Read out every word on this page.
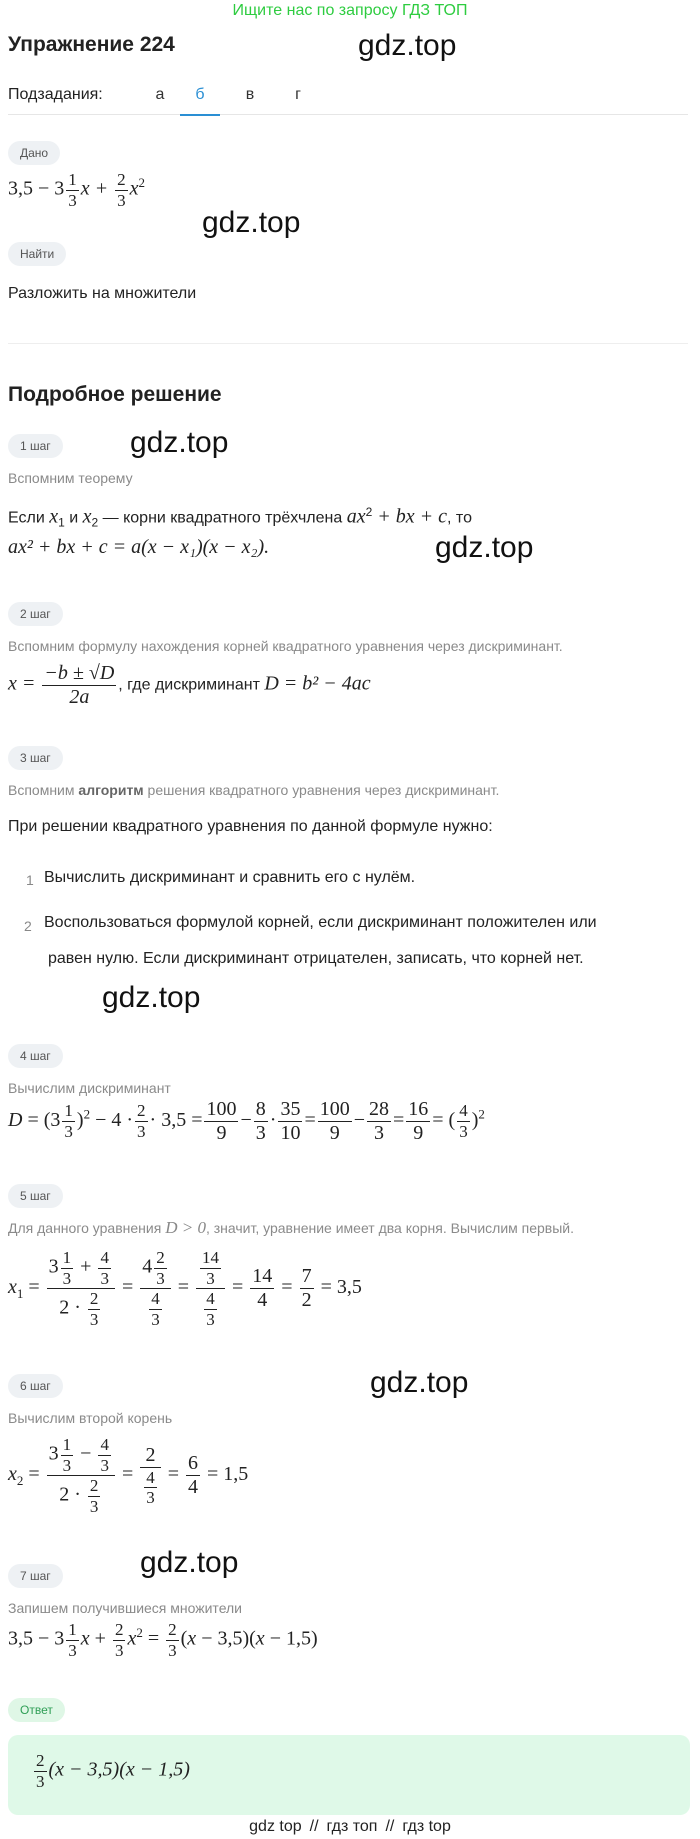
Ищите нас по запросу ГДЗ ТОП
gdz.top
gdz.top
gdz.top
gdz.top
gdz.top
gdz.top
gdz.top
Упражнение 224
Подзадания:	а	б	в	г
Дано
$3,5 - 3 \frac{1}{3}$ $x + \frac{2}{3} x^2$
Найти
Разложить на множители
Подробное решение
1 шаг
Вспомним теорему
Если $x_1$ и $x_2$ — корни квадратного трёхчлена $ax^2$ + bx + c, то
ax² + bx + c = a(x − x₁)(x − x₂).
2 шаг
Вспомним формулу нахождения корней квадратного уравнения через дискриминант.
$x = \frac{-b \pm √D}{2a}$ , где дискриминант D = b² − 4ac
3 шаг
Вспомним алгоритм решения квадратного уравнения через дискриминант.
При решении квадратного уравнения по данной формуле нужно:
1 Вычислить дискриминант и сравнить его с нулём.
2 Воспользоваться формулой корней, если дискриминант положителен или
равен нулю. Если дискриминант отрицателен, записать, что корней нет.
4 шаг
Вычислим дискриминант
$D = (3 \frac{1}{3} )^2 - 4 \cdot \frac{2}{3} \cdot 3,5 = \frac{100}{9} - \frac{8}{3} \cdot \frac{35}{10} = \frac{100}{9} - \frac{28}{3} = \frac{16}{9}$ = ( $\frac{4}{3} )^2$
5 шаг
Для данного уравнения D > 0, значит, уравнение имеет два корня. Вычислим первый.
$x_1 = \frac{3 \frac{1}{3} + \frac{4}{3}}{2 \cdot \frac{2}{3}} = \frac{4 \frac{2}{3}}{\frac{4}{3}} = \frac{\frac{14}{3}}{\frac{4}{3}} = \frac{14}{4} = \frac{7}{2} = 3,5$
6 шаг
Вычислим второй корень
$x_2 = \frac{3 \frac{1}{3} - \frac{4}{3}}{2 \cdot \frac{2}{3}} = \frac{2}{\frac{4}{3}} = \frac{6}{4} = 1,5$
7 шаг
Запишем получившиеся множители
$3,5 - 3 \frac{1}{3}$ $x + \frac{2}{3} x^2 = \frac{2}{3} (x - 3,5)(x - 1,5)$
Ответ
$\frac{2}{3} (x - 3,5)(x - 1,5)$
gdz top // гдз топ // гдз top
